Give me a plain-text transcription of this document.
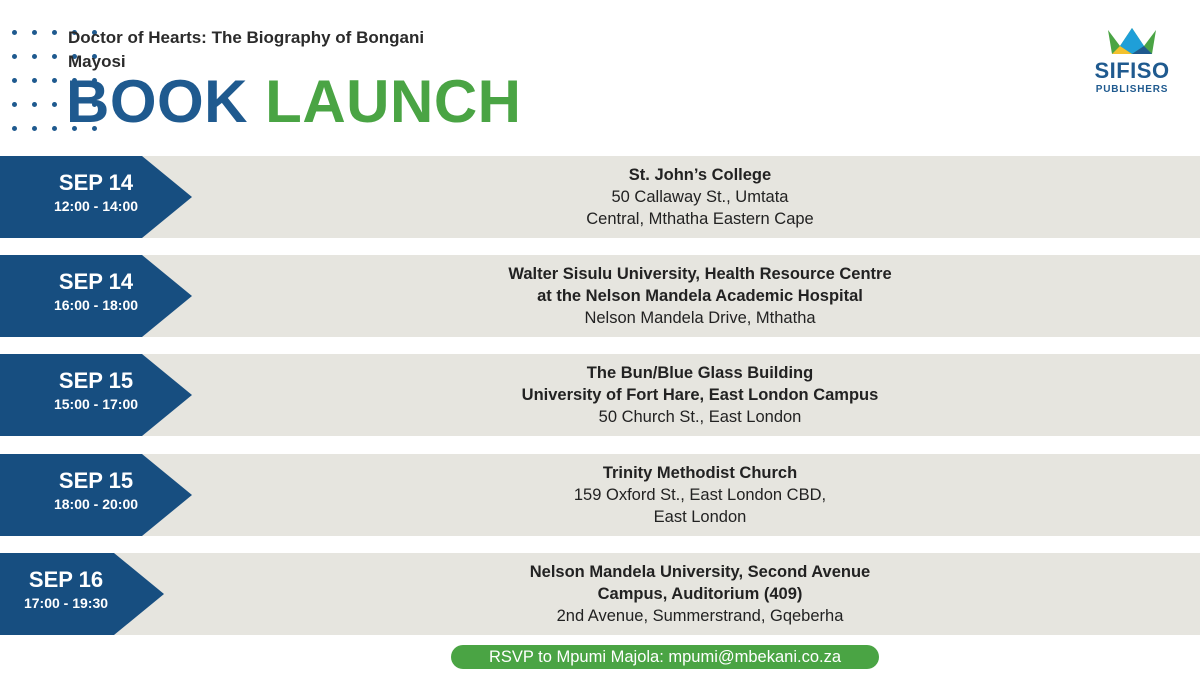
Doctor of Hearts: The Biography of Bongani
Mayosi
BOOK LAUNCH	SIFISO
PUBLISHERS
SEP 14
12:00 - 14:00
St. John’s College
50 Callaway St., Umtata
Central, Mthatha Eastern Cape
SEP 14
16:00 - 18:00
Walter Sisulu University, Health Resource Centre
at the Nelson Mandela Academic Hospital
Nelson Mandela Drive, Mthatha
SEP 15
15:00 - 17:00
The Bun/Blue Glass Building
University of Fort Hare, East London Campus
50 Church St., East London
SEP 15
18:00 - 20:00
Trinity Methodist Church
159 Oxford St., East London CBD,
East London
SEP 16
17:00 - 19:30
Nelson Mandela University, Second Avenue
Campus, Auditorium (409)
2nd Avenue, Summerstrand, Gqeberha
RSVP to Mpumi Majola: mpumi@mbekani.co.za
